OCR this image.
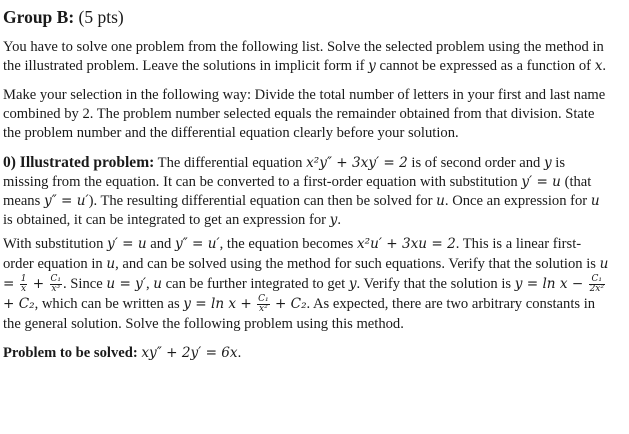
Group B: (5 pts)

You have to solve one problem from the following list. Solve the selected problem using the method in the illustrated problem. Leave the solutions in implicit form if y cannot be expressed as a function of x.

Make your selection in the following way: Divide the total number of letters in your first and last name combined by 2. The problem number selected equals the remainder obtained from that division. State the problem number and the differential equation clearly before your solution.

0) Illustrated problem: The differential equation x²y″ + 3xy′ = 2 is of second order and y is missing from the equation. It can be converted to a first-order equation with substitution y′ = u (that means y″ = u′). The resulting differential equation can then be solved for u. Once an expression for u is obtained, it can be integrated to get an expression for y.

With substitution y′ = u and y″ = u′, the equation becomes x²u′ + 3xu = 2. This is a linear first-order equation in u, and can be solved using the method for such equations. Verify that the solution is $u = \frac{1}{x} + \frac{\text{C₁}}{\text{x³}}$ . Since u = y′, u can be further integrated to get y. Verify that the solution is $y = \ln x - \frac{\text{C₁}}{\text{2x²}}$
+ C₂, which can be written as $y = \ln x + \frac{\text{C₁}}{\text{x²}} + C_2$. As expected, there are two arbitrary constants in the general solution. Solve the following problem using this method.

Problem to be solved: xy″ + 2y′ = 6x.
